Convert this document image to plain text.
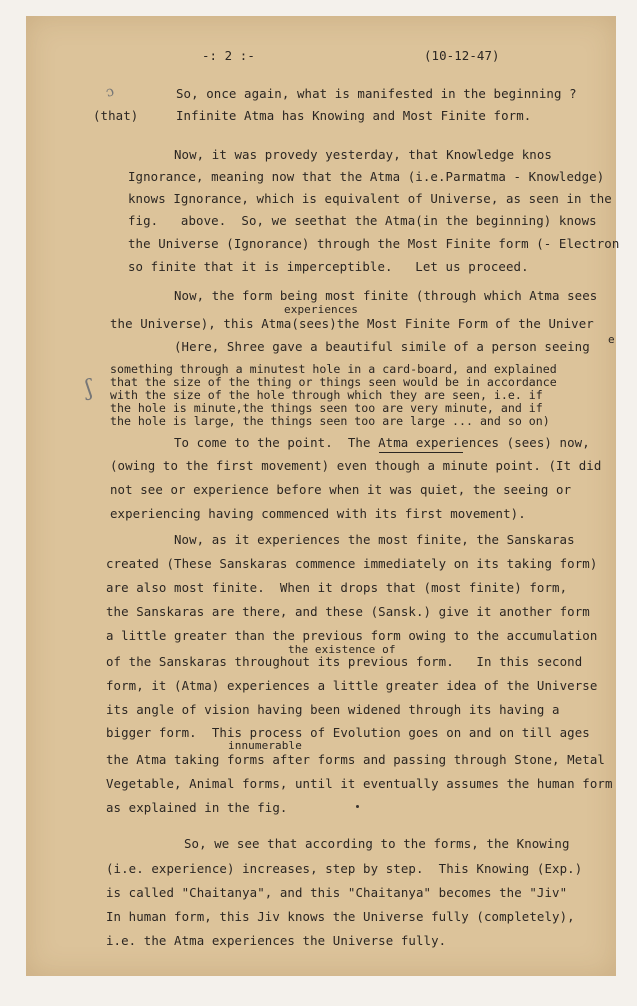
-: 2 :-	(10-12-47)
ɔ
ʃ
So, once again, what is manifested in the beginning ?
(that)	Infinite Atma has Knowing and Most Finite form.
Now, it was provedy yesterday, that Knowledge knos
Ignorance, meaning now that the Atma (i.e.Parmatma - Knowledge)
knows Ignorance, which is equivalent of Universe, as seen in the
fig.   above.  So, we seethat the Atma(in the beginning) knows
the Universe (Ignorance) through the Most Finite form (- Electron
so finite that it is imperceptible.   Let us proceed.
Now, the form being most finite (through which Atma sees
experiences
the Universe), this Atma(sees)the Most Finite Form of the Univer
e
(Here, Shree gave a beautiful simile of a person seeing
something through a minutest hole in a card-board, and explained
that the size of the thing or things seen would be in accordance
with the size of the hole through which they are seen, i.e. if
the hole is minute,the things seen too are very minute, and if
the hole is large, the things seen too are large ... and so on)
To come to the point.  The Atma experiences (sees) now,
(owing to the first movement) even though a minute point. (It did
not see or experience before when it was quiet, the seeing or
experiencing having commenced with its first movement).
Now, as it experiences the most finite, the Sanskaras
created (These Sanskaras commence immediately on its taking form)
are also most finite.  When it drops that (most finite) form,
the Sanskaras are there, and these (Sansk.) give it another form
a little greater than the previous form owing to the accumulation
the existence of
of the Sanskaras throughout its previous form.   In this second
form, it (Atma) experiences a little greater idea of the Universe
its angle of vision having been widened through its having a
bigger form.  This process of Evolution goes on and on till ages
innumerable
the Atma taking forms after forms and passing through Stone, Metal
Vegetable, Animal forms, until it eventually assumes the human form
as explained in the fig.
So, we see that according to the forms, the Knowing
(i.e. experience) increases, step by step.  This Knowing (Exp.)
is called "Chaitanya", and this "Chaitanya" becomes the "Jiv"
In human form, this Jiv knows the Universe fully (completely),
i.e. the Atma experiences the Universe fully.
